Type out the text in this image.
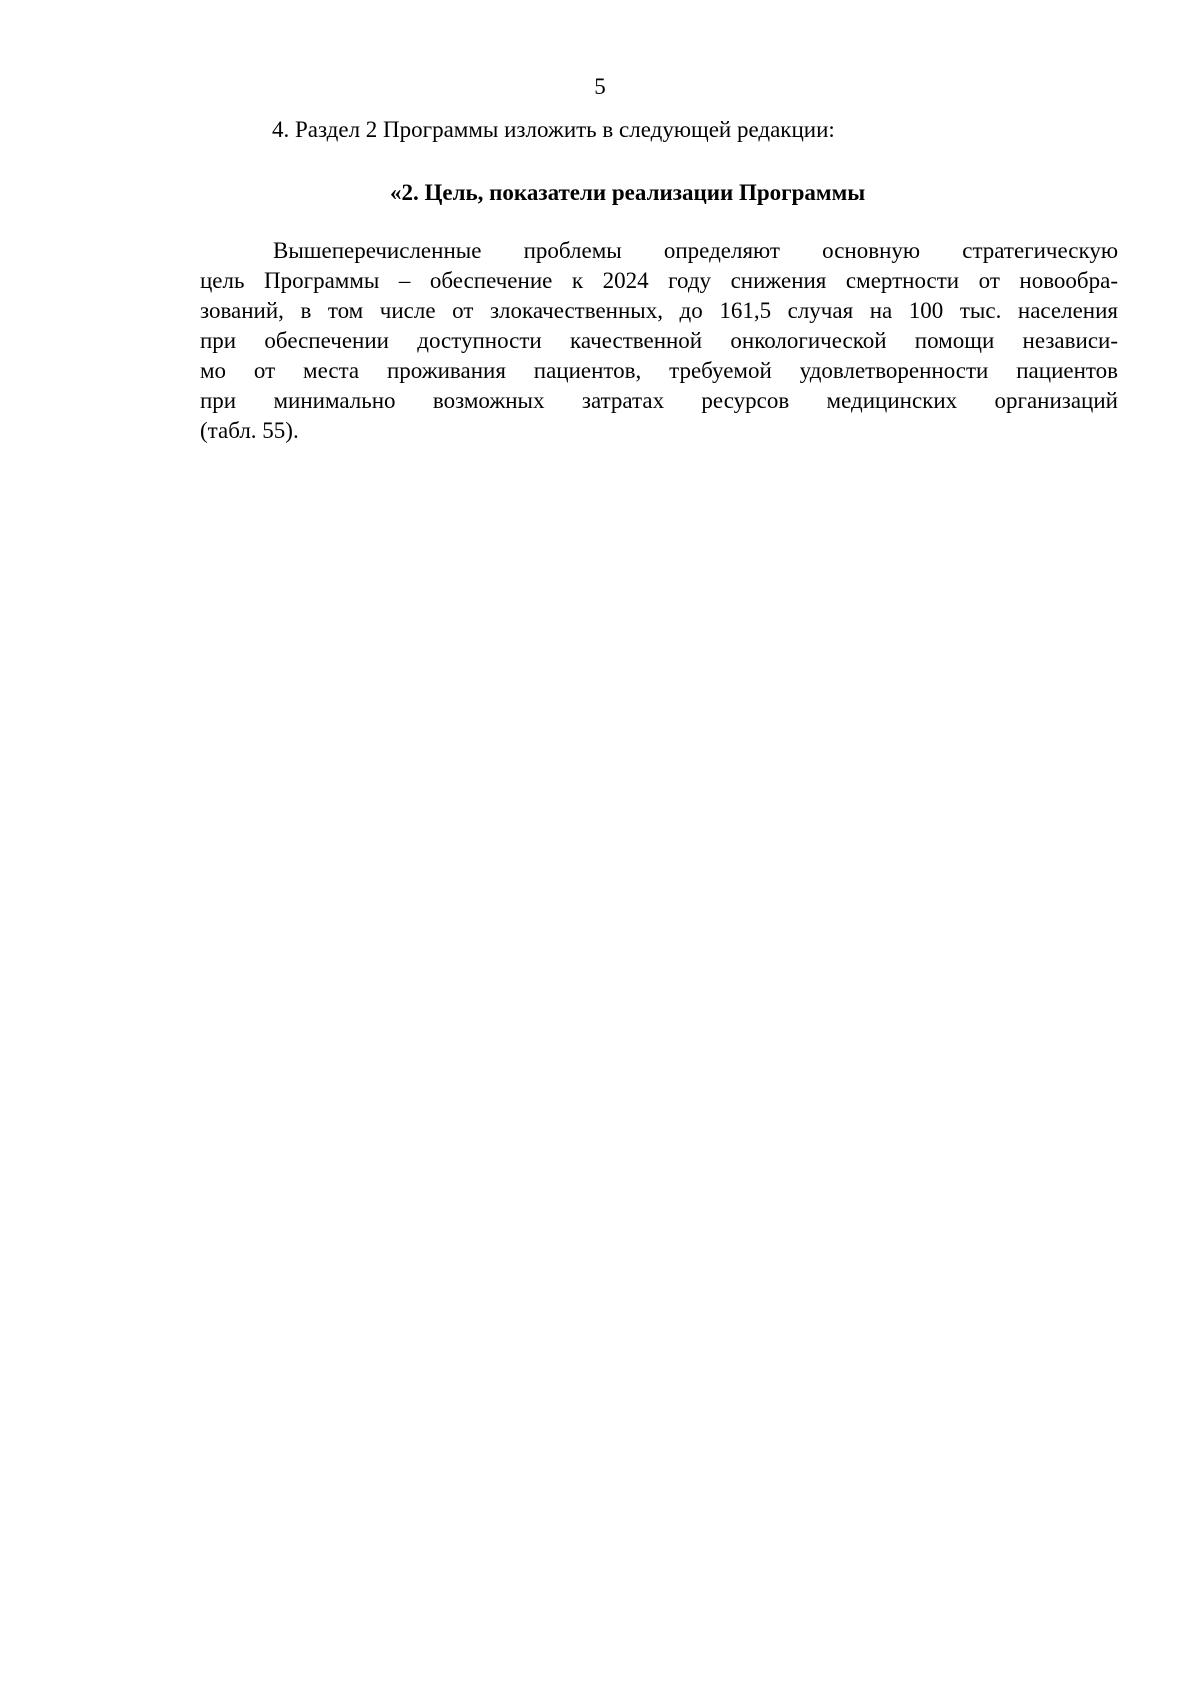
5
4. Раздел 2 Программы изложить в следующей редакции:
«2. Цель, показатели реализации Программы
Вышеперечисленные проблемы определяют основную стратегическую
цель Программы – обеспечение к 2024 году снижения смертности от новообра-
зований, в том числе от злокачественных, до 161,5 случая на 100 тыс. населения
при обеспечении доступности качественной онкологической помощи независи-
мо от места проживания пациентов, требуемой удовлетворенности пациентов
при минимально возможных затратах ресурсов медицинских организаций
(табл. 55).
